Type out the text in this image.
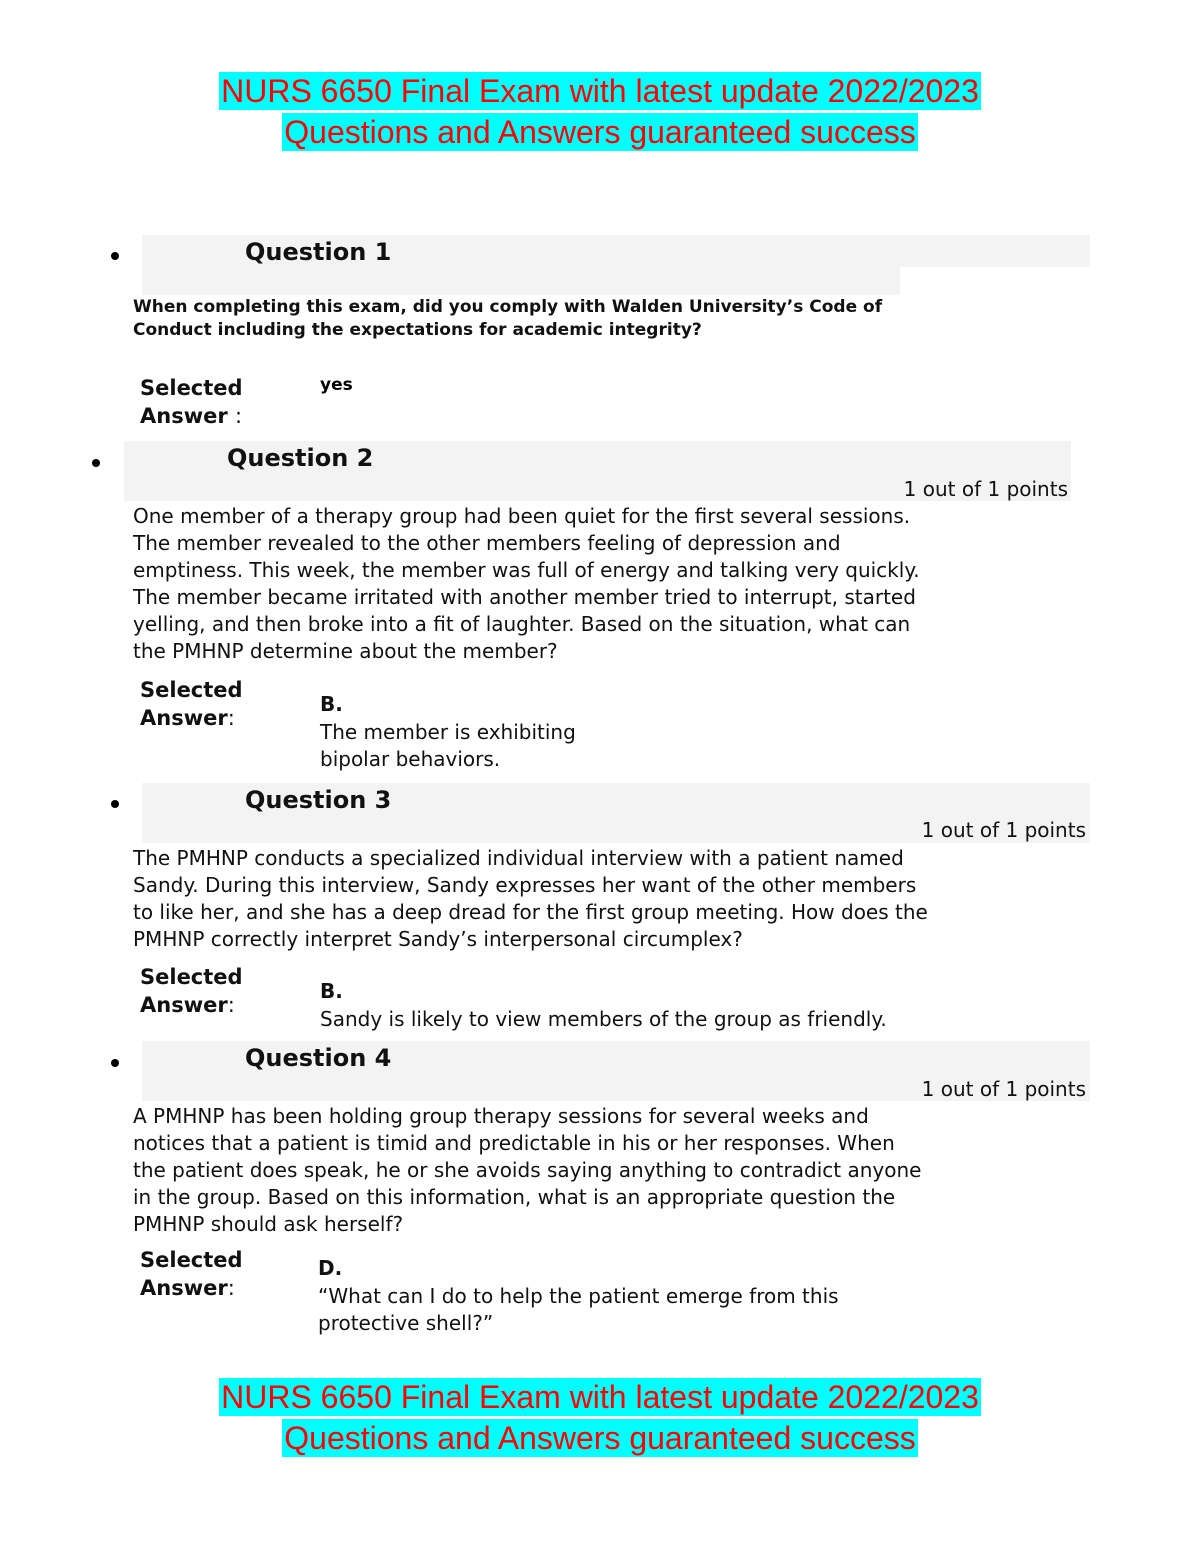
NURS 6650 Final Exam with latest update 2022/2023
Questions and Answers guaranteed success
Question 1
When completing this exam, did you comply with Walden University’s Code of
Conduct including the expectations for academic integrity?
Selected
Answer :
yes
Question 2
1 out of 1 points
One member of a therapy group had been quiet for the first several sessions.
The member revealed to the other members feeling of depression and
emptiness. This week, the member was full of energy and talking very quickly.
The member became irritated with another member tried to interrupt, started
yelling, and then broke into a fit of laughter. Based on the situation, what can
the PMHNP determine about the member?
Selected
Answer:
B.
The member is exhibiting
bipolar behaviors.
Question 3
1 out of 1 points
The PMHNP conducts a specialized individual interview with a patient named
Sandy. During this interview, Sandy expresses her want of the other members
to like her, and she has a deep dread for the first group meeting. How does the
PMHNP correctly interpret Sandy’s interpersonal circumplex?
Selected
Answer:
B.
Sandy is likely to view members of the group as friendly.
Question 4
1 out of 1 points
A PMHNP has been holding group therapy sessions for several weeks and
notices that a patient is timid and predictable in his or her responses. When
the patient does speak, he or she avoids saying anything to contradict anyone
in the group. Based on this information, what is an appropriate question the
PMHNP should ask herself?
Selected
Answer:
D.
“What can I do to help the patient emerge from this
protective shell?”
NURS 6650 Final Exam with latest update 2022/2023
Questions and Answers guaranteed success
